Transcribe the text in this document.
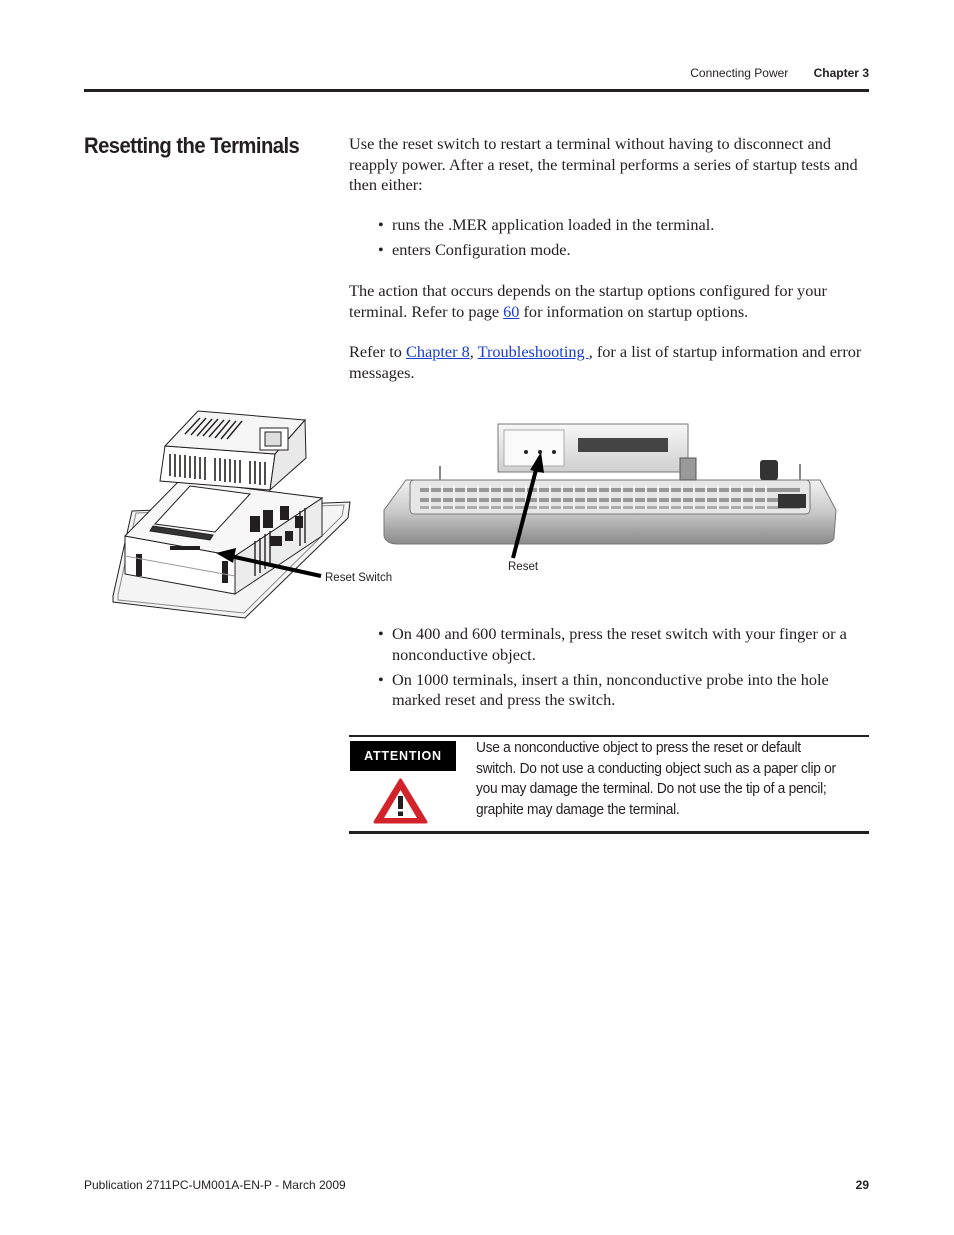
Connecting Power Chapter 3
Resetting the Terminals	Use the reset switch to restart a terminal without having to disconnect and reapply power. After a reset, the terminal performs a series of startup tests and then either:

• runs the .MER application loaded in the terminal.
• enters Configuration mode.

The action that occurs depends on the startup options configured for your terminal. Refer to page 60 for information on startup options.

Refer to Chapter 8, Troubleshooting , for a list of startup information and error messages.

Reset Switch
Reset
• On 400 and 600 terminals, press the reset switch with your finger or a nonconductive object.
• On 1000 terminals, insert a thin, nonconductive probe into the hole marked reset and press the switch.
ATTENTION	Use a nonconductive object to press the reset or default switch. Do not use a conducting object such as a paper clip or you may damage the terminal. Do not use the tip of a pencil; graphite may damage the terminal.

Publication 2711PC-UM001A-EN-P - March 2009	29
